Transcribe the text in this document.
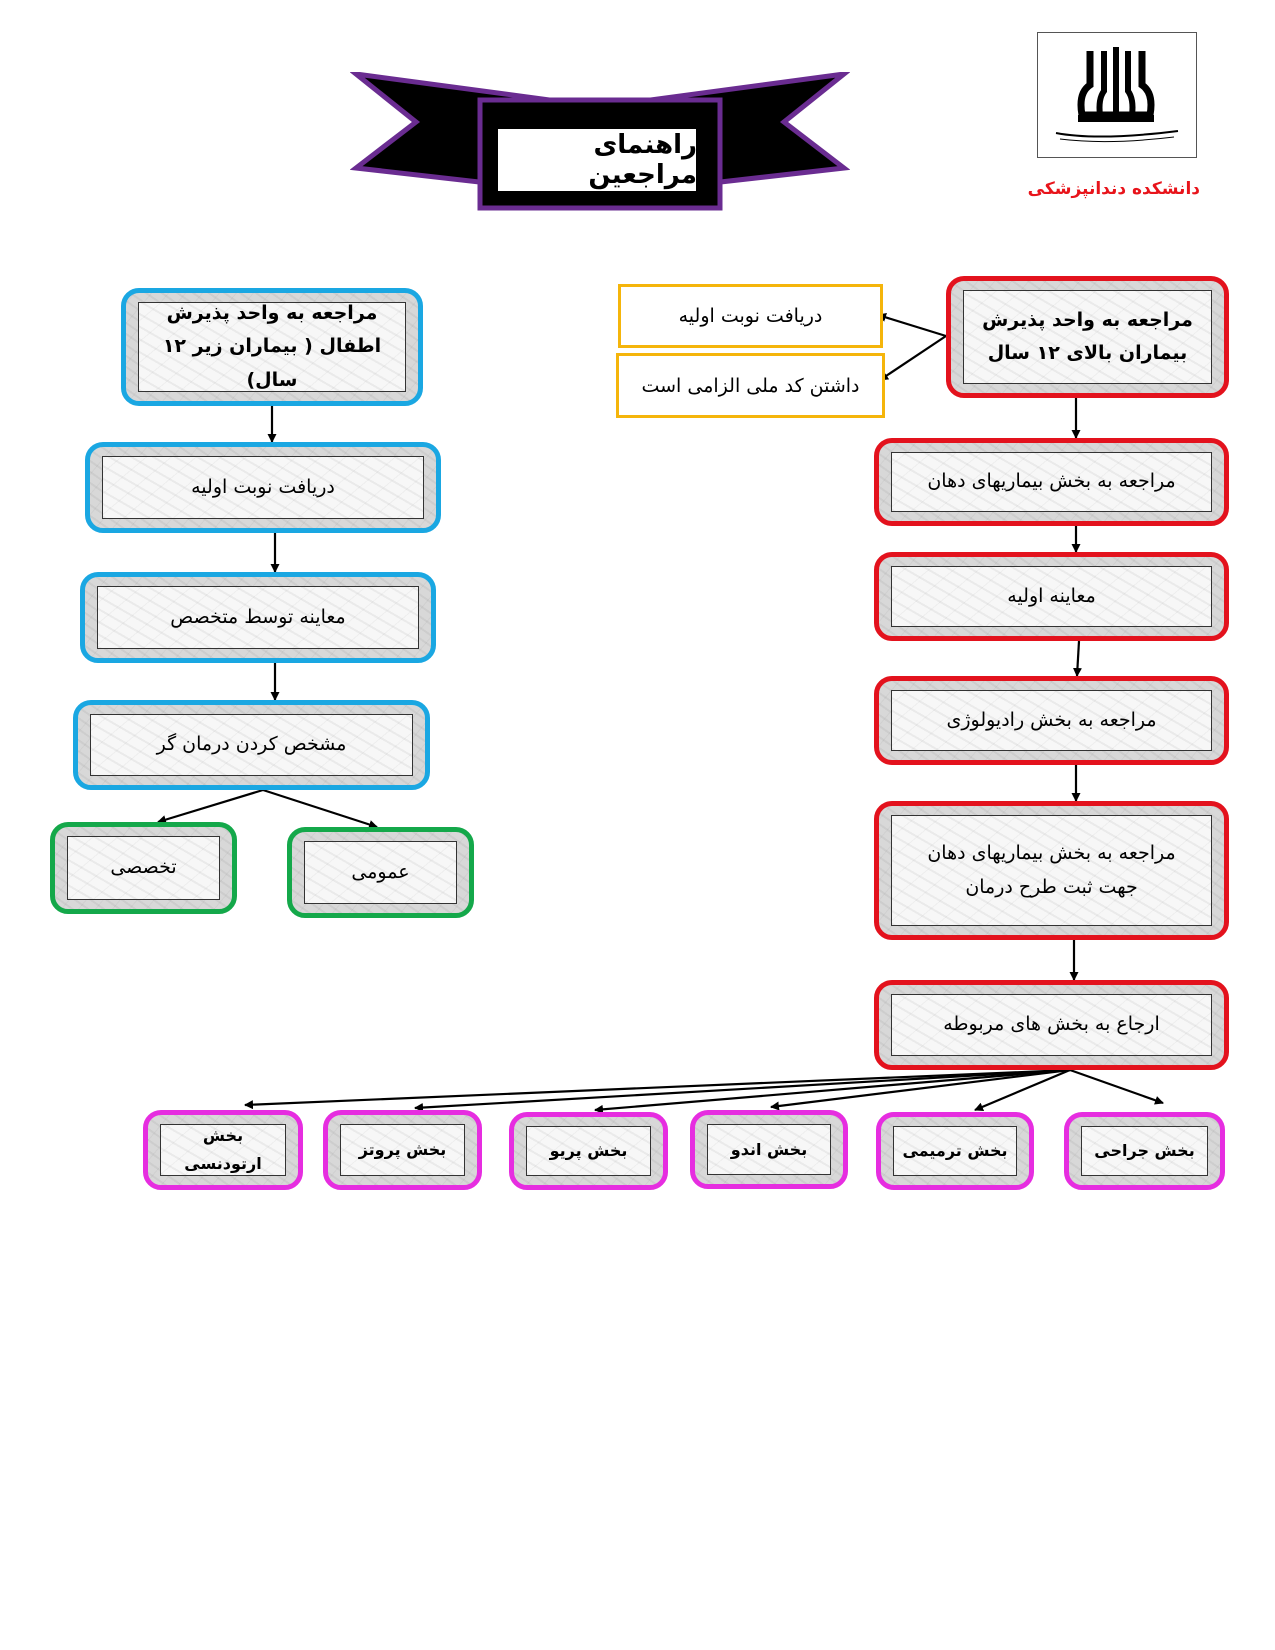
دانشکده دندانپزشکی
راهنمای مراجعین
مراجعه به واحد پذیرش
بیماران بالای ۱۲ سال
دریافت نوبت اولیه
داشتن کد ملی الزامی است
مراجعه به بخش بیماریهای دهان
معاینه اولیه
مراجعه به بخش رادیولوژی
مراجعه به بخش بیماریهای دهان
جهت ثبت طرح درمان
ارجاع به بخش های مربوطه
بخش جراحی
بخش ترمیمی
بخش اندو
بخش پریو
بخش پروتز
بخش ارتودنسی
مراجعه به واحد پذیرش
اطفال ( بیماران زیر ۱۲ سال)
دریافت نوبت اولیه
معاینه توسط متخصص
مشخص کردن درمان گر
عمومی
تخصصی
